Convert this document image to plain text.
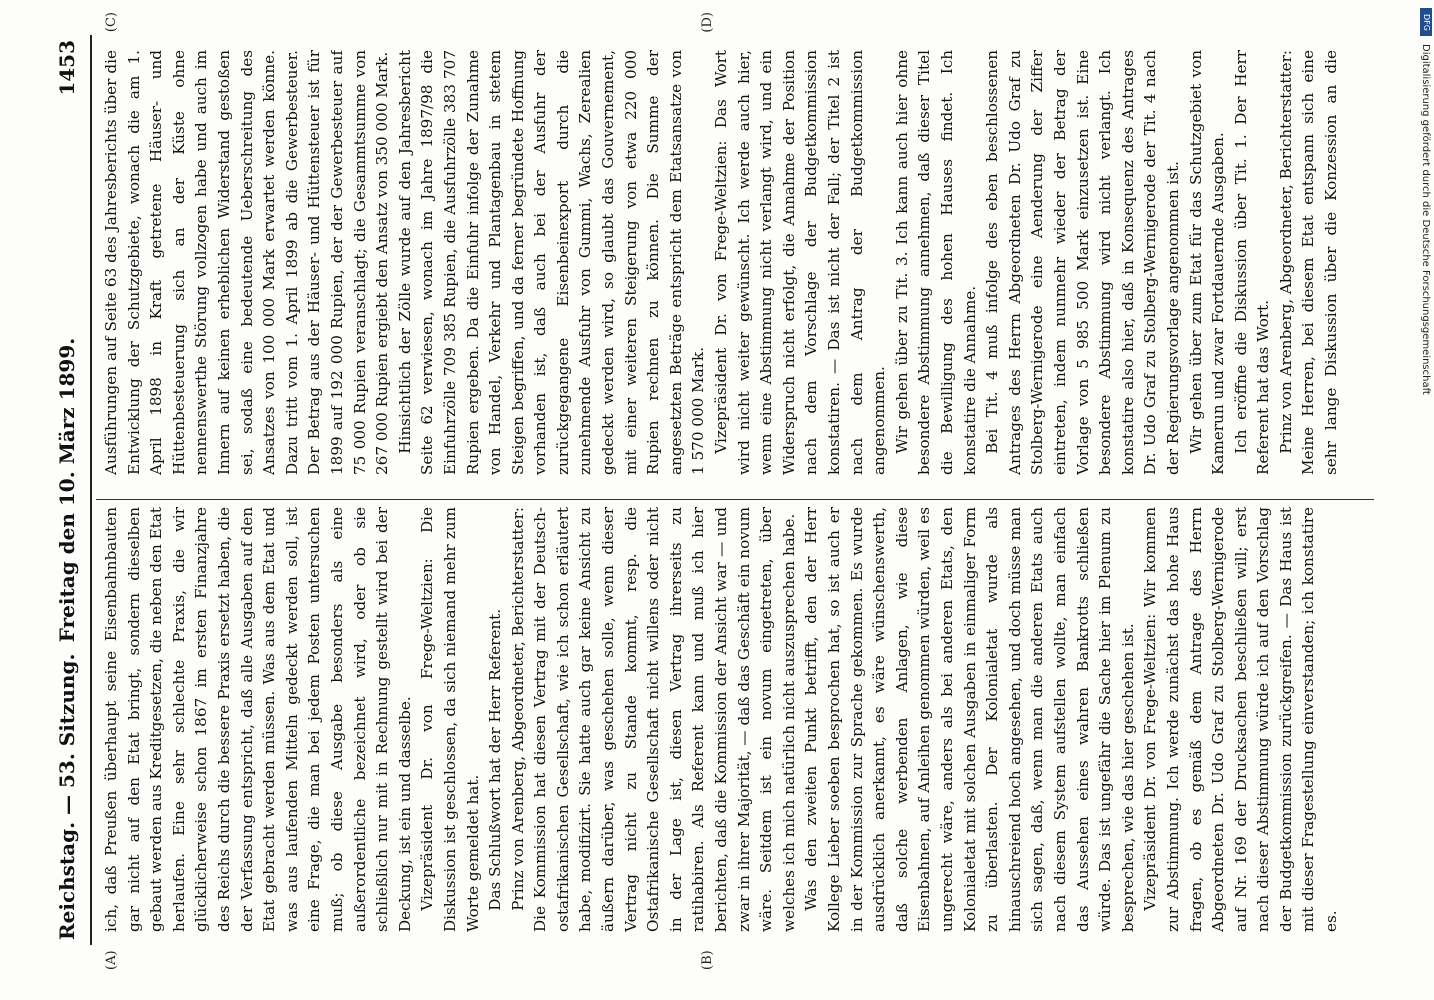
Reichstag. — 53. Sitzung.
Freitag den 10. März 1899.
1453
(A)	(B)
(C)	(D)

ich, daß Preußen überhaupt seine Eisenbahnbauten gar nicht auf den Etat bringt, sondern dieselben gebaut werden aus Kreditgesetzen, die neben den Etat herlaufen. Eine sehr schlechte Praxis, die wir glücklicherweise schon 1867 im ersten Finanzjahre des Reichs durch die bessere Praxis ersetzt haben, die der Verfassung entspricht, daß alle Ausgaben auf den Etat gebracht werden müssen. Was aus dem Etat und was aus laufenden Mitteln gedeckt werden soll, ist eine Frage, die man bei jedem Posten untersuchen muß; ob diese Ausgabe besonders als eine außerordentliche bezeichnet wird, oder ob sie schließlich nur mit in Rechnung gestellt wird bei der Deckung, ist ein und dasselbe. Vizepräsident Dr. von Frege-Weltzien: Die Diskussion ist geschlossen, da sich niemand mehr zum Worte gemeldet hat. Das Schlußwort hat der Herr Referent. Prinz von Arenberg, Abgeordneter, Berichterstatter: Die Kommission hat diesen Vertrag mit der Deutsch-ostafrikanischen Gesellschaft, wie ich schon erläutert habe, modifizirt. Sie hatte auch gar keine Ansicht zu äußern darüber, was geschehen solle, wenn dieser Vertrag nicht zu Stande kommt, resp. die Ostafrikanische Gesellschaft nicht willens oder nicht in der Lage ist, diesen Vertrag ihrerseits zu ratihabiren. Als Referent kann und muß ich hier berichten, daß die Kommission der Ansicht war — und zwar in ihrer Majorität, — daß das Geschäft ein novum wäre. Seitdem ist ein novum eingetreten, über welches ich mich natürlich nicht auszusprechen habe. Was den zweiten Punkt betrifft, den der Herr Kollege Lieber soeben besprochen hat, so ist auch er in der Kommission zur Sprache gekommen. Es wurde ausdrücklich anerkannt, es wäre wünschenswerth, daß solche werbenden Anlagen, wie diese Eisenbahnen, auf Anleihen genommen würden, weil es ungerecht wäre, anders als bei anderen Etats, den Kolonialetat mit solchen Ausgaben in einmaliger Form zu überlasten. Der Kolonialetat wurde als hinauschreiend hoch angesehen, und doch müsse man sich sagen, daß, wenn man die anderen Etats auch nach diesem System aufstellen wollte, man einfach das Aussehen eines wahren Bankrotts schließen würde. Das ist ungefähr die Sache hier im Plenum zu besprechen, wie das hier geschehen ist. Vizepräsident Dr. von Frege-Weltzien: Wir kommen zur Abstimmung. Ich werde zunächst das hohe Haus fragen, ob es gemäß dem Antrage des Herrn Abgeordneten Dr. Udo Graf zu Stolberg-Wernigerode auf Nr. 169 der Drucksachen beschließen will; erst nach dieser Abstimmung würde ich auf den Vorschlag der Budgetkommission zurückgreifen. — Das Haus ist mit dieser Fragestellung einverstanden; ich konstatire es.

Ausführungen auf Seite 63 des Jahresberichts über die Entwicklung der Schutzgebiete, wonach die am 1. April 1898 in Kraft getretene Häuser- und Hüttenbesteuerung sich an der Küste ohne nennenswerthe Störung vollzogen habe und auch im Innern auf keinen erheblichen Widerstand gestoßen sei, sodaß eine bedeutende Ueberschreitung des Ansatzes von 100 000 Mark erwartet werden könne. Dazu tritt vom 1. April 1899 ab die Gewerbesteuer. Der Betrag aus der Häuser- und Hüttensteuer ist für 1899 auf 192 000 Rupien, der der Gewerbesteuer auf 75 000 Rupien veranschlagt; die Gesammtsumme von 267 000 Rupien ergiebt den Ansatz von 350 000 Mark. Hinsichtlich der Zölle wurde auf den Jahresbericht Seite 62 verwiesen, wonach im Jahre 1897/98 die Einfuhrzölle 709 385 Rupien, die Ausfuhrzölle 383 707 Rupien ergeben. Da die Einfuhr infolge der Zunahme von Handel, Verkehr und Plantagenbau in stetem Steigen begriffen, und da ferner begründete Hoffnung vorhanden ist, daß auch bei der Ausfuhr der zurückgegangene Eisenbeinexport durch die zunehmende Ausfuhr von Gummi, Wachs, Zerealien gedeckt werden wird, so glaubt das Gouvernement, mit einer weiteren Steigerung von etwa 220 000 Rupien rechnen zu können. Die Summe der angesetzten Beträge entspricht dem Etatsansatze von 1 570 000 Mark. Vizepräsident Dr. von Frege-Weltzien: Das Wort wird nicht weiter gewünscht. Ich werde auch hier, wenn eine Abstimmung nicht verlangt wird, und ein Widerspruch nicht erfolgt, die Annahme der Position nach dem Vorschlage der Budgetkommission konstatiren. — Das ist nicht der Fall; der Titel 2 ist nach dem Antrag der Budgetkommission angenommen. Wir gehen über zu Tit. 3. Ich kann auch hier ohne besondere Abstimmung annehmen, daß dieser Titel die Bewilligung des hohen Hauses findet. Ich konstatire die Annahme. Bei Tit. 4 muß infolge des eben beschlossenen Antrages des Herrn Abgeordneten Dr. Udo Graf zu Stolberg-Wernigerode eine Aenderung der Ziffer eintreten, indem nunmehr wieder der Betrag der Vorlage von 5 985 500 Mark einzusetzen ist. Eine besondere Abstimmung wird nicht verlangt. Ich konstatire also hier, daß in Konsequenz des Antrages Dr. Udo Graf zu Stolberg-Wernigerode der Tit. 4 nach der Regierungsvorlage angenommen ist. Wir gehen über zum Etat für das Schutzgebiet von Kamerun und zwar Fortdauernde Ausgaben. Ich eröffne die Diskussion über Tit. 1. Der Herr Referent hat das Wort. Prinz von Arenberg, Abgeordneter, Berichterstatter: Meine Herren, bei diesem Etat entspann sich eine sehr lange Diskussion über die Konzession an die

DFG
Digitalisierung gefördert durch die Deutsche Forschungsgemeinschaft
